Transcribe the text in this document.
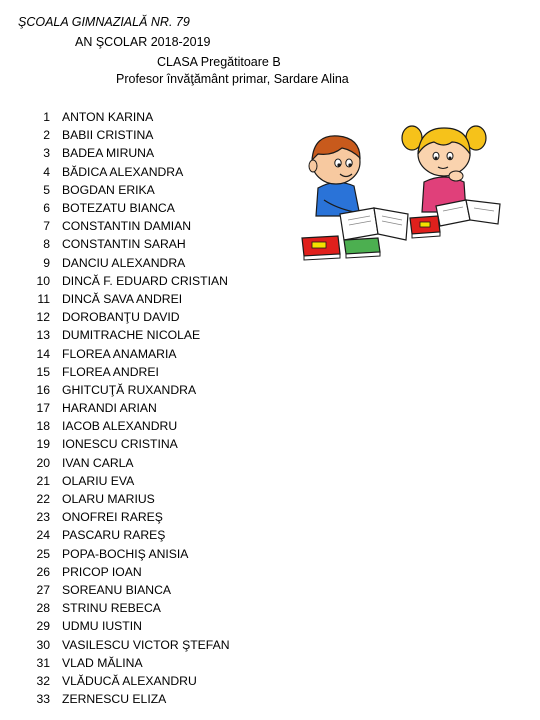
ŞCOALA GIMNAZIALĂ NR. 79
AN ŞCOLAR 2018-2019
CLASA Pregătitoare B
Profesor învăţământ primar, Sardare Alina
1 ANTON KARINA
2 BABII CRISTINA
3 BADEA MIRUNA
4 BĂDICA ALEXANDRA
5 BOGDAN ERIKA
6 BOTEZATU BIANCA
7 CONSTANTIN DAMIAN
8 CONSTANTIN SARAH
9 DANCIU ALEXANDRA
10 DINCĂ F. EDUARD CRISTIAN
11 DINCĂ SAVA ANDREI
12 DOROBANŢU DAVID
13 DUMITRACHE NICOLAE
14 FLOREA ANAMARIA
15 FLOREA ANDREI
16 GHITCUŢĂ RUXANDRA
17 HARANDI ARIAN
18 IACOB ALEXANDRU
19 IONESCU CRISTINA
20 IVAN CARLA
21 OLARIU EVA
22 OLARU MARIUS
23 ONOFREI RAREŞ
24 PASCARU RAREŞ
25 POPA-BOCHIŞ ANISIA
26 PRICOP IOAN
27 SOREANU BIANCA
28 STRINU REBECA
29 UDMU IUSTIN
30 VASILESCU VICTOR ŞTEFAN
31 VLAD MĂLINA
32 VLĂDUCĂ ALEXANDRU
33 ZERNESCU ELIZA
